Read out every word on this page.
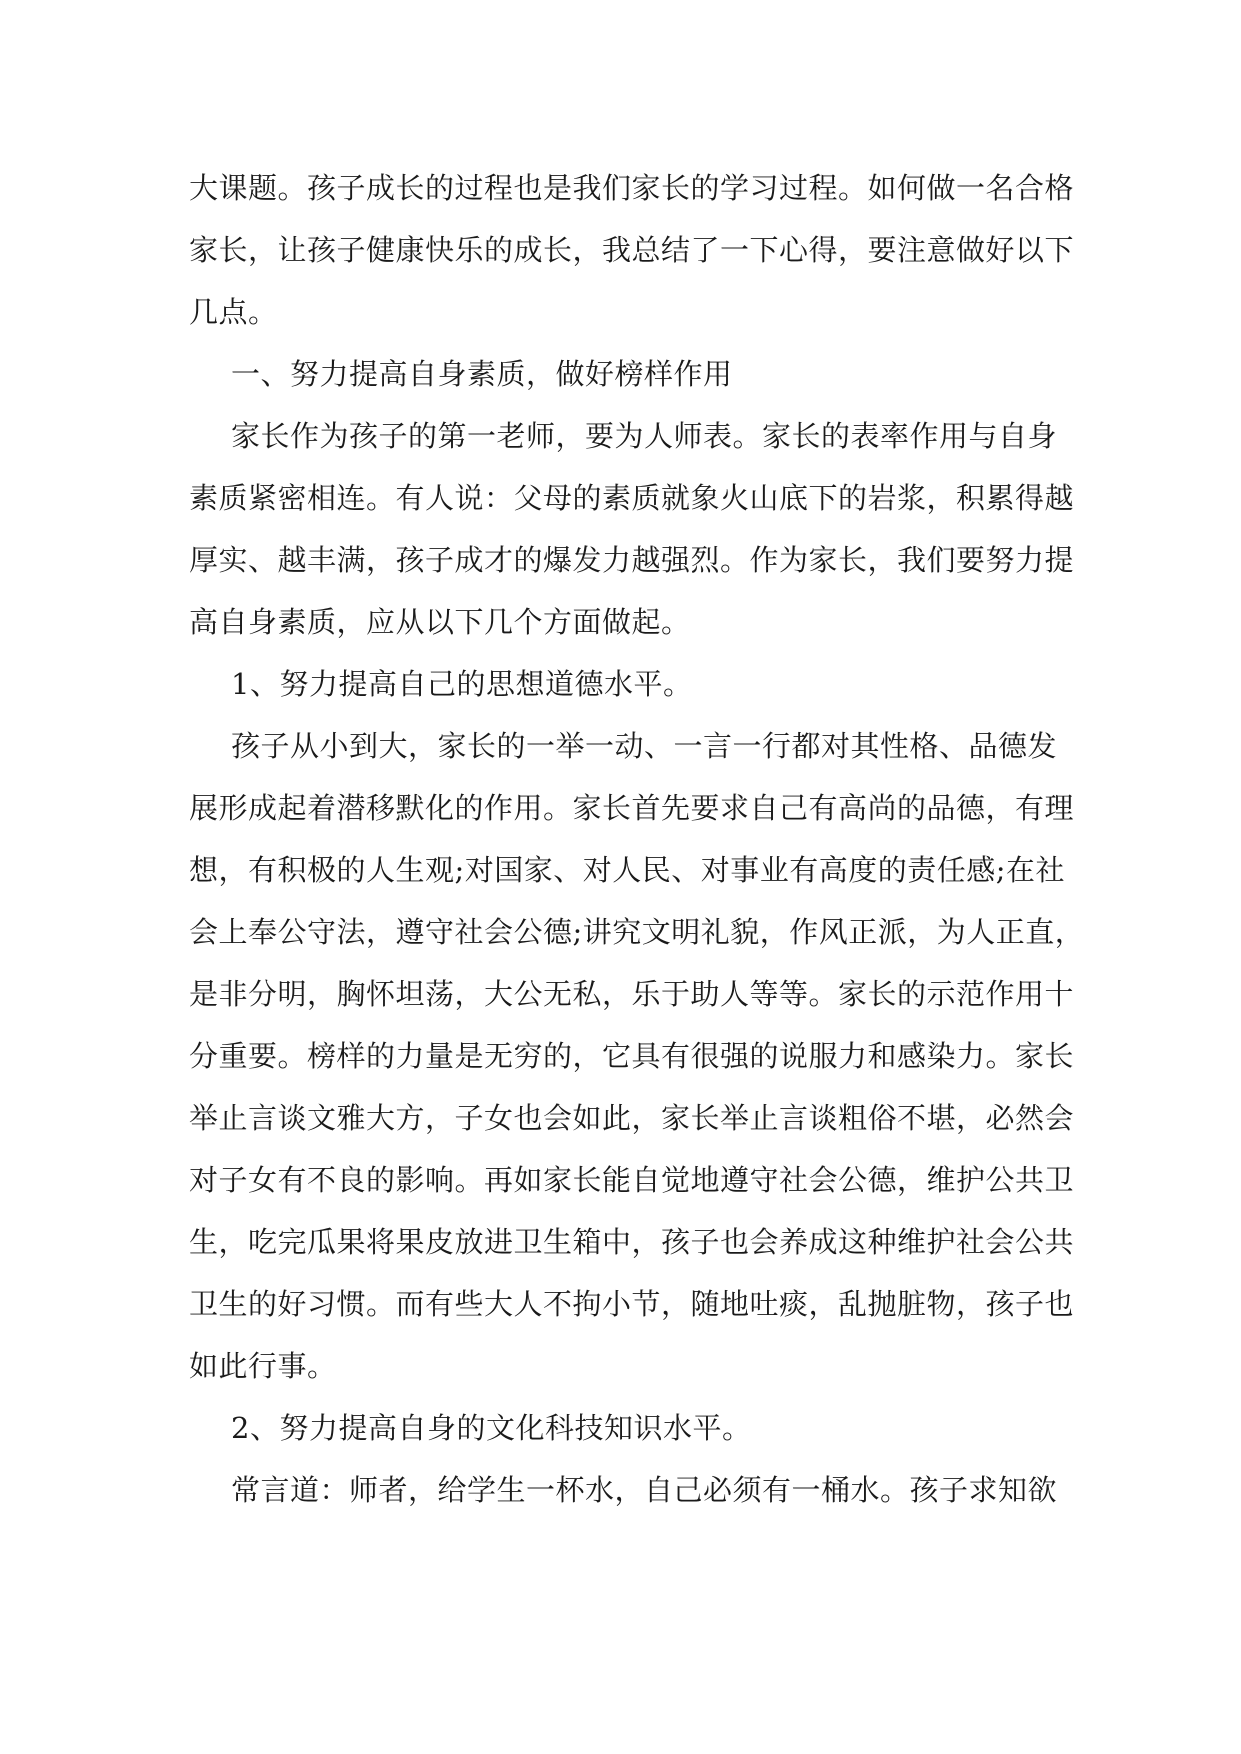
大课题。孩子成长的过程也是我们家长的学习过程。如何做一名合格
家长，让孩子健康快乐的成长，我总结了一下心得，要注意做好以下
几点。
一、努力提高自身素质，做好榜样作用
家长作为孩子的第一老师，要为人师表。家长的表率作用与自身
素质紧密相连。有人说：父母的素质就象火山底下的岩浆，积累得越
厚实、越丰满，孩子成才的爆发力越强烈。作为家长，我们要努力提
高自身素质，应从以下几个方面做起。
1、努力提高自己的思想道德水平。
孩子从小到大，家长的一举一动、一言一行都对其性格、品德发
展形成起着潜移默化的作用。家长首先要求自己有高尚的品德，有理
想，有积极的人生观;对国家、对人民、对事业有高度的责任感;在社
会上奉公守法，遵守社会公德;讲究文明礼貌，作风正派，为人正直，
是非分明，胸怀坦荡，大公无私，乐于助人等等。家长的示范作用十
分重要。榜样的力量是无穷的，它具有很强的说服力和感染力。家长
举止言谈文雅大方，子女也会如此，家长举止言谈粗俗不堪，必然会
对子女有不良的影响。再如家长能自觉地遵守社会公德，维护公共卫
生，吃完瓜果将果皮放进卫生箱中，孩子也会养成这种维护社会公共
卫生的好习惯。而有些大人不拘小节，随地吐痰，乱抛脏物，孩子也
如此行事。
2、努力提高自身的文化科技知识水平。
常言道：师者，给学生一杯水，自己必须有一桶水。孩子求知欲
